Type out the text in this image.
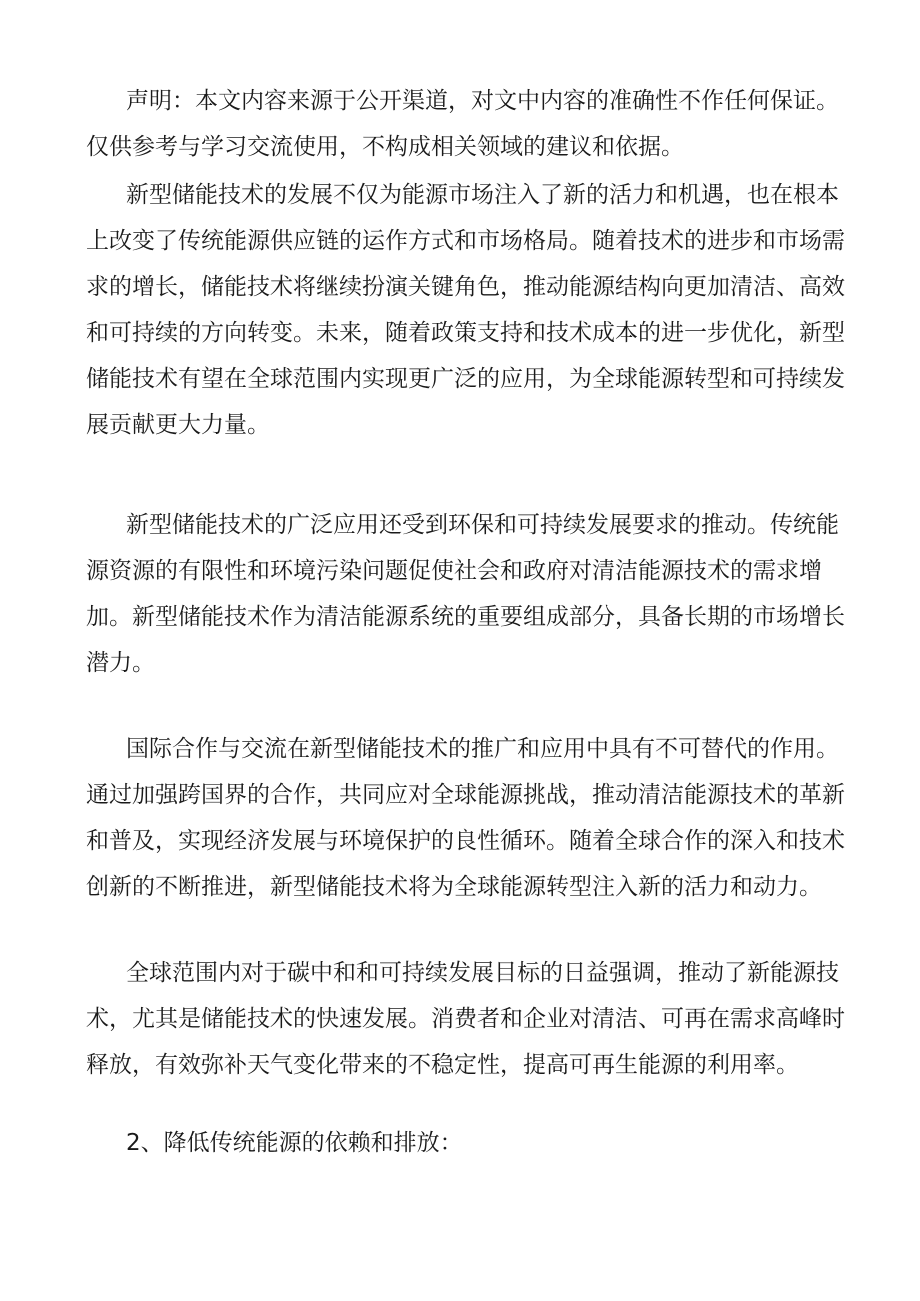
声明：本文内容来源于公开渠道，对文中内容的准确性不作任何保证。
仅供参考与学习交流使用，不构成相关领域的建议和依据。

新型储能技术的发展不仅为能源市场注入了新的活力和机遇，也在根本
上改变了传统能源供应链的运作方式和市场格局。随着技术的进步和市场需
求的增长，储能技术将继续扮演关键角色，推动能源结构向更加清洁、高效
和可持续的方向转变。未来，随着政策支持和技术成本的进一步优化，新型
储能技术有望在全球范围内实现更广泛的应用，为全球能源转型和可持续发
展贡献更大力量。

新型储能技术的广泛应用还受到环保和可持续发展要求的推动。传统能
源资源的有限性和环境污染问题促使社会和政府对清洁能源技术的需求增
加。新型储能技术作为清洁能源系统的重要组成部分，具备长期的市场增长
潜力。

国际合作与交流在新型储能技术的推广和应用中具有不可替代的作用。
通过加强跨国界的合作，共同应对全球能源挑战，推动清洁能源技术的革新
和普及，实现经济发展与环境保护的良性循环。随着全球合作的深入和技术
创新的不断推进，新型储能技术将为全球能源转型注入新的活力和动力。

全球范围内对于碳中和和可持续发展目标的日益强调，推动了新能源技
术，尤其是储能技术的快速发展。消费者和企业对清洁、可再在需求高峰时
释放，有效弥补天气变化带来的不稳定性，提高可再生能源的利用率。

2、降低传统能源的依赖和排放：
